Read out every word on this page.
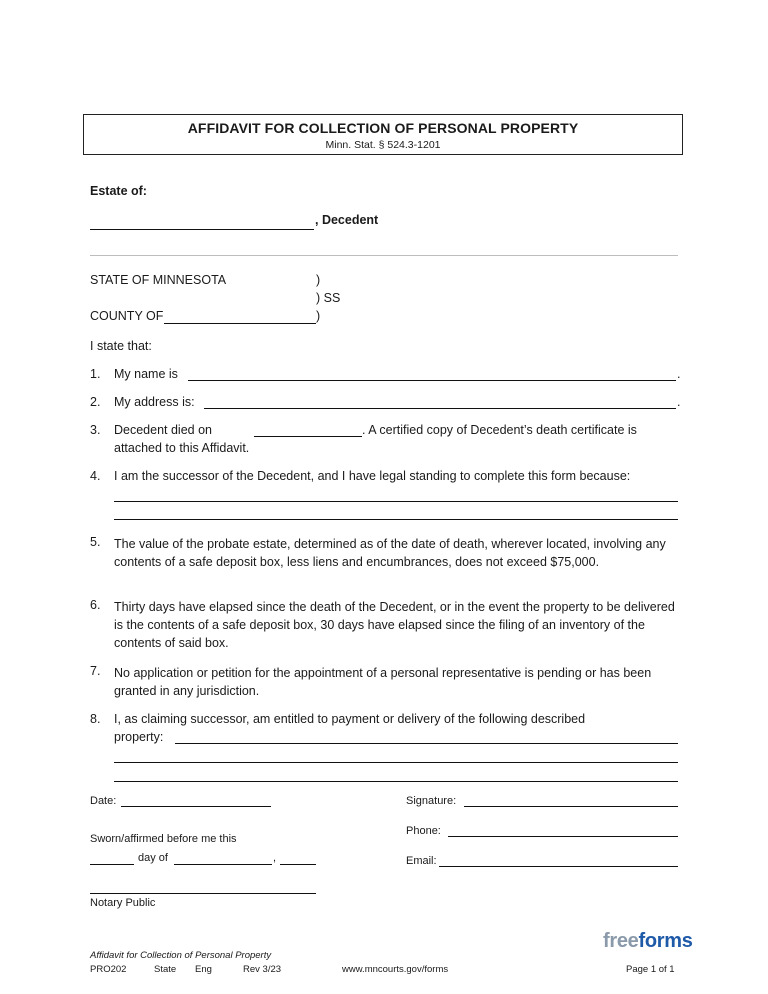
AFFIDAVIT FOR COLLECTION OF PERSONAL PROPERTY
Minn. Stat. § 524.3-1201
Estate of:
, Decedent
STATE OF MINNESOTA	)
) SS
COUNTY OF	)
I state that:
1. My name is	.
2. My address is:	.
3. Decedent died on	. A certified copy of Decedent’s death certificate is
attached to this Affidavit.
4. I am the successor of the Decedent, and I have legal standing to complete this form because:
5. The value of the probate estate, determined as of the date of death, wherever located, involving any contents of a safe deposit box, less liens and encumbrances, does not exceed $75,000.
6. Thirty days have elapsed since the death of the Decedent, or in the event the property to be delivered is the contents of a safe deposit box, 30 days have elapsed since the filing of an inventory of the contents of said box.
7. No application or petition for the appointment of a personal representative is pending or has been granted in any jurisdiction.
8. I, as claiming successor, am entitled to payment or delivery of the following described
property:
Date:	Signature:
Phone:
Sworn/affirmed before me this
day of	,	Email:
Notary Public
freeforms
Affidavit for Collection of Personal Property
PRO202	State Eng	Rev 3/23	www.mncourts.gov/forms	Page 1 of 1
